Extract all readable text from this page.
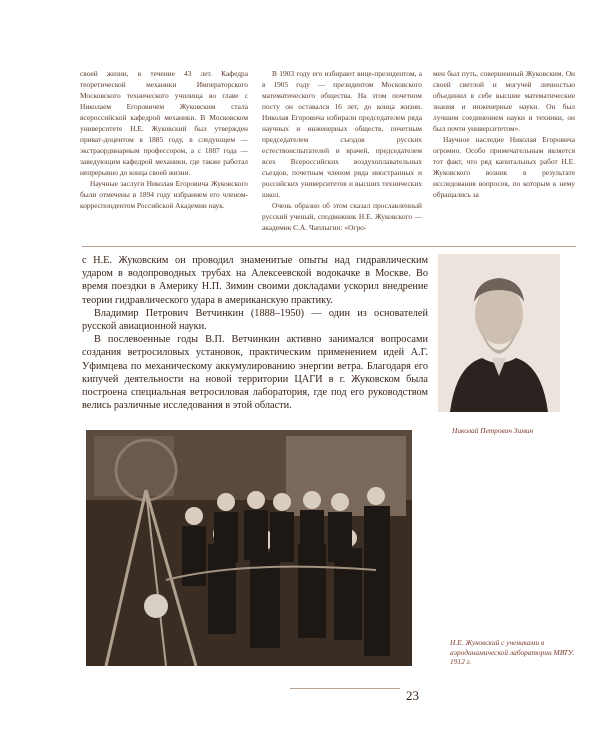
своей жизни, в течение 43 лет. Кафедра теоретической механики Императорского Московского технического училища во главе с Николаем Егоровичем Жуковским стала всероссийской кафедрой механики. В Московском университете Н.Е. Жуковский был утвержден приват-доцентом в 1885 году, в следующем — экстраординарным профессором, а с 1887 года — заведующим кафедрой механики, где также работал непрерывно до конца своей жизни.

Научные заслуги Николая Егоровича Жуковского были отмечены в 1894 году избранием его членом-корреспондентом Российской Академии наук.

В 1903 году его избирают вице-президентом, а в 1905 году — президентом Московского математического общества. На этом почетном посту он оставался 16 лет, до конца жизни. Николая Егоровича избирали председателем ряда научных и инженерных обществ, почетным председателем съездов русских естествоиспытателей и врачей, председателем всех Всероссийских воздухоплавательных съездов, почетным членом ряда иностранных и российских университетов и высших технических школ.

Очень образно об этом сказал прославленный русский ученый, сподвижник Н.Е. Жуковского — академик С.А. Чаплыгин: «Огро-

мен был путь, совершенный Жуковским. Он своей светлой и могучей личностью объединил в себе высшие математические знания и инженерные науки. Он был лучшим соединением науки и техники, он был почти университетом».

Научное наследие Николая Егоровича огромно. Особо примечательным является тот факт, что ряд капитальных работ Н.Е. Жуковского возник в результате исследования вопросов, по которым к нему обращались за

с Н.Е. Жуковским он проводил знаменитые опыты над гидравлическим ударом в водопроводных трубах на Алексеевской водокачке в Москве. Во время поездки в Америку Н.П. Зимин своими докладами ускорил внедрение теории гидравлического удара в американскую практику.

Владимир Петрович Ветчинкин (1888–1950) — один из основателей русской авиационной науки.

В послевоенные годы В.П. Ветчинкин активно занимался вопросами создания ветросиловых установок, практическим применением идей А.Г. Уфимцева по механическому аккумулированию энергии ветра. Благодаря его кипучей деятельности на новой территории ЦАГИ в г. Жуковском была построена специальная ветросиловая лаборатория, где под его руководством велись различные исследования в этой области.

Николай Петрович Зимин
Н.Е. Жуковский с учениками в аэродинамической лаборатории МВТУ. 1912 г.
23
